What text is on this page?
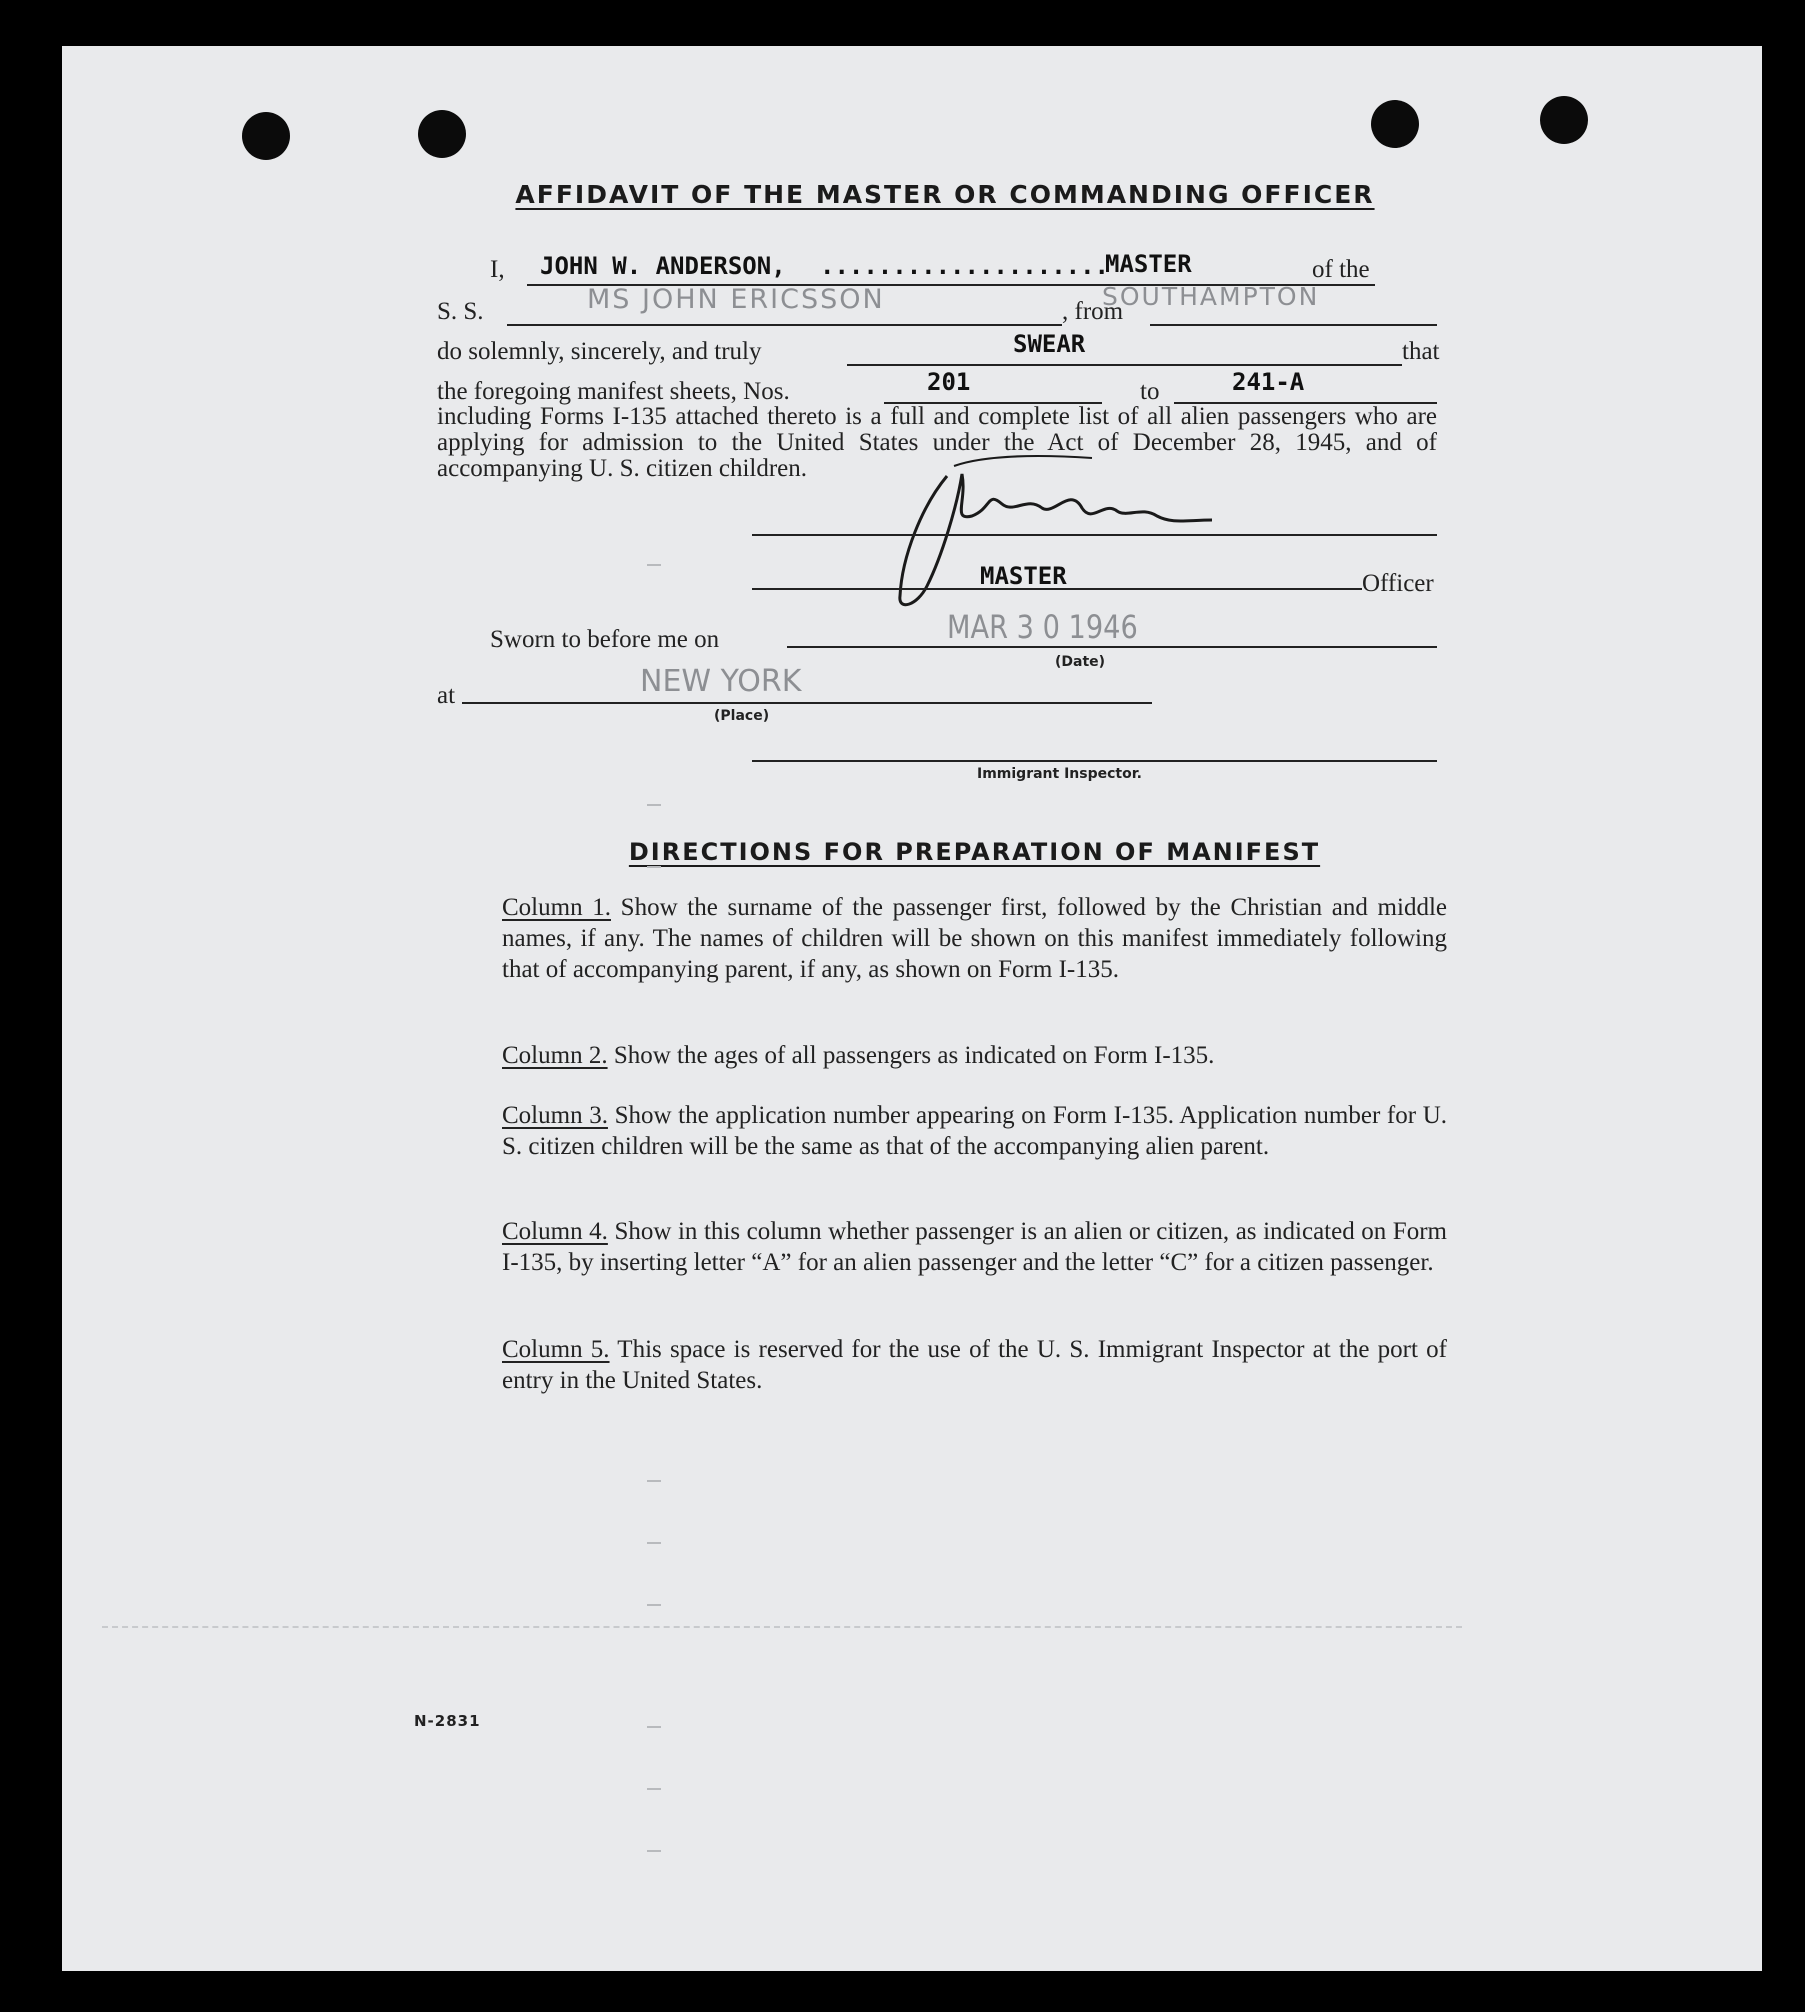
AFFIDAVIT OF THE MASTER OR COMMANDING OFFICER
I, JOHN W. ANDERSON, ....................
MASTER	of the
S. S.	MS JOHN ERICSSON	, from
SOUTHAMPTON
do solemnly, sincerely, and truly	SWEAR	that
the foregoing manifest sheets, Nos.	201	to	241-A
including Forms I-135 attached thereto is a full and complete list of all alien passengers who are applying for admission to the United States under the Act of December 28, 1945, and of accompanying U. S. citizen children.
MASTER	Officer
Sworn to before me on	MAR 3 0 1946
(Date)
at	NEW YORK
(Place)
Immigrant Inspector.
DIRECTIONS FOR PREPARATION OF MANIFEST
Column 1. Show the surname of the passenger first, followed by the Christian and middle names, if any. The names of children will be shown on this manifest immediately following that of accompanying parent, if any, as shown on Form I-135.
Column 2. Show the ages of all passengers as indicated on Form I-135.
Column 3. Show the application number appearing on Form I-135. Application number for U. S. citizen children will be the same as that of the accompanying alien parent.
Column 4. Show in this column whether passenger is an alien or citizen, as indicated on Form I-135, by inserting letter “A” for an alien passenger and the letter “C” for a citizen passenger.
Column 5. This space is reserved for the use of the U. S. Immigrant Inspector at the port of entry in the United States.
N-2831
